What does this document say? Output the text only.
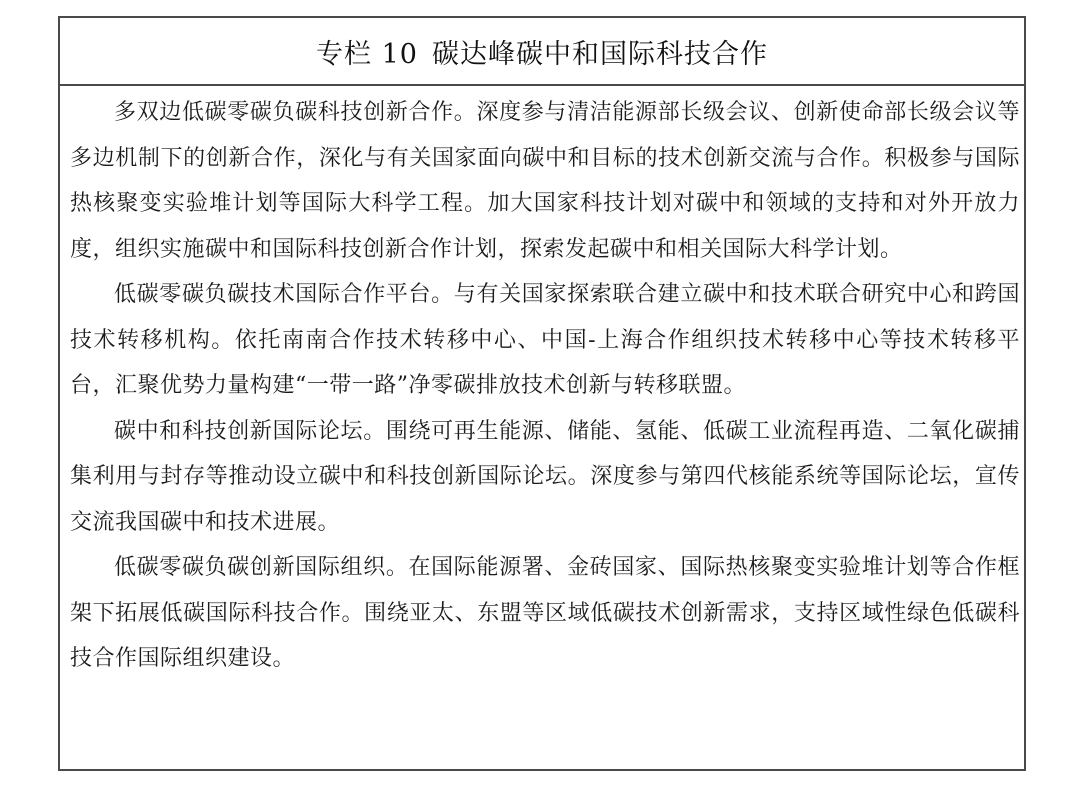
专栏 10 碳达峰碳中和国际科技合作

多双边低碳零碳负碳科技创新合作。深度参与清洁能源部长级会议、创新使命部长级会议等多边机制下的创新合作，深化与有关国家面向碳中和目标的技术创新交流与合作。积极参与国际热核聚变实验堆计划等国际大科学工程。加大国家科技计划对碳中和领域的支持和对外开放力度，组织实施碳中和国际科技创新合作计划，探索发起碳中和相关国际大科学计划。

低碳零碳负碳技术国际合作平台。与有关国家探索联合建立碳中和技术联合研究中心和跨国技术转移机构。依托南南合作技术转移中心、中国-上海合作组织技术转移中心等技术转移平台，汇聚优势力量构建“一带一路”净零碳排放技术创新与转移联盟。

碳中和科技创新国际论坛。围绕可再生能源、储能、氢能、低碳工业流程再造、二氧化碳捕集利用与封存等推动设立碳中和科技创新国际论坛。深度参与第四代核能系统等国际论坛，宣传交流我国碳中和技术进展。

低碳零碳负碳创新国际组织。在国际能源署、金砖国家、国际热核聚变实验堆计划等合作框架下拓展低碳国际科技合作。围绕亚太、东盟等区域低碳技术创新需求，支持区域性绿色低碳科技合作国际组织建设。
